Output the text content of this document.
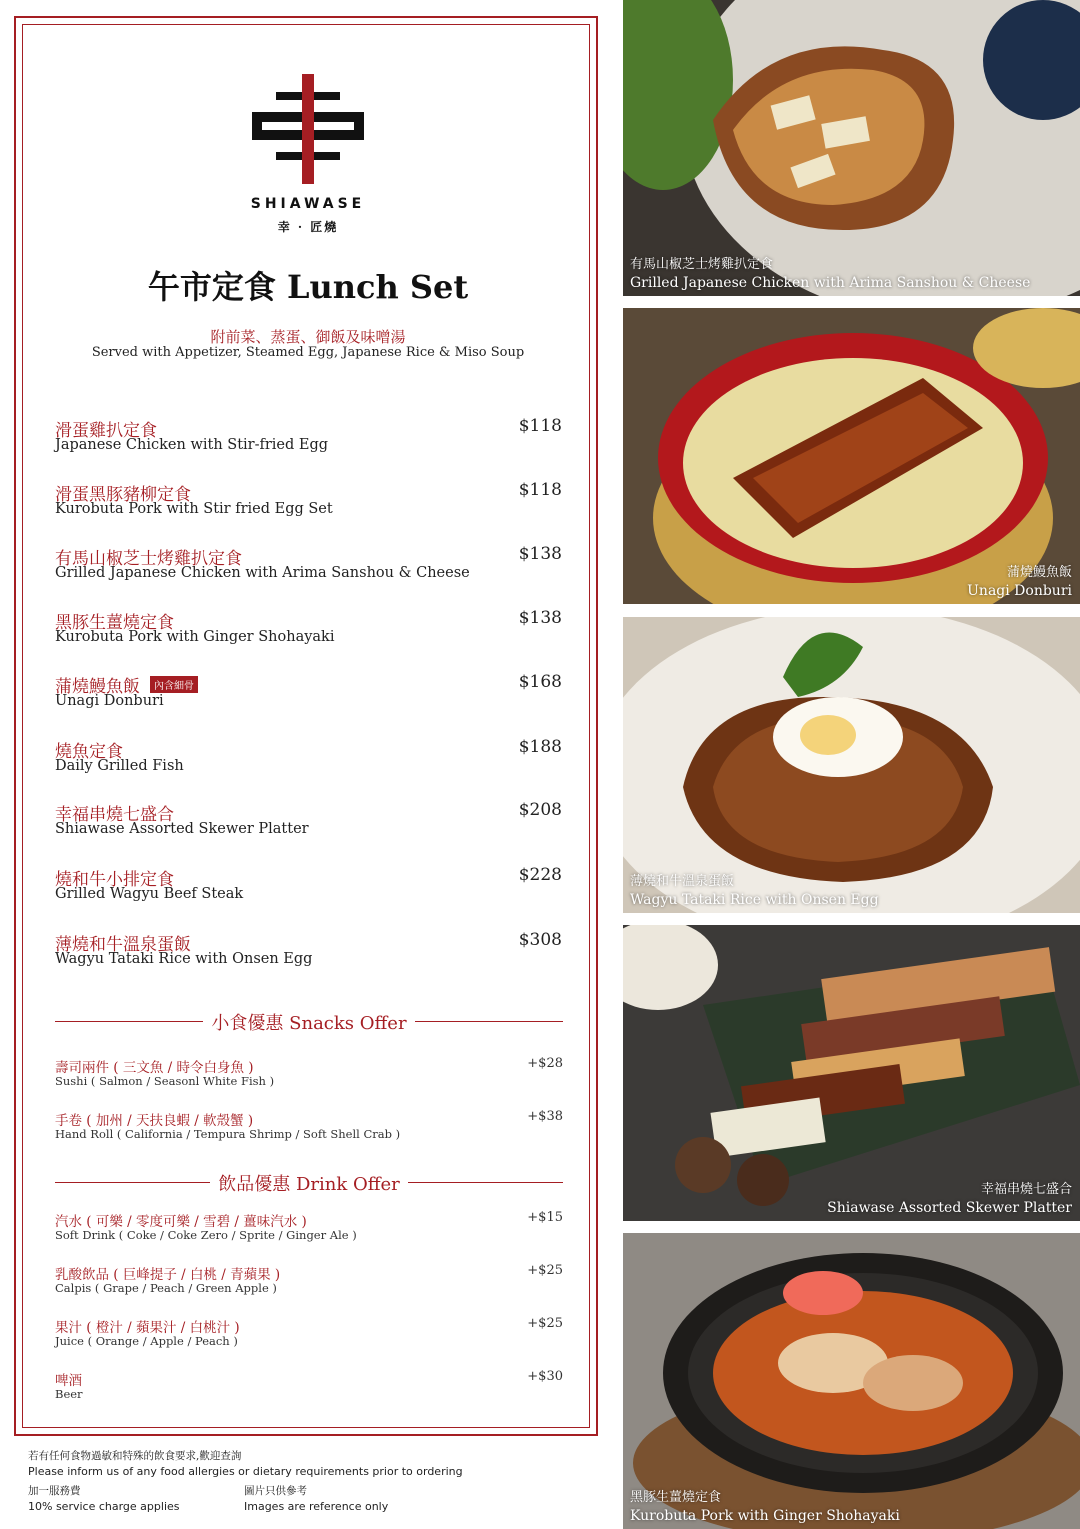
SHIAWASE
幸 · 匠燒
午市定食 Lunch Set
附前菜、蒸蛋、御飯及味噌湯
Served with Appetizer, Steamed Egg, Japanese Rice & Miso Soup
滑蛋雞扒定食
Japanese Chicken with Stir-fried Egg
$118
滑蛋黑豚豬柳定食
Kurobuta Pork with Stir fried Egg Set
$118
有馬山椒芝士烤雞扒定食
Grilled Japanese Chicken with Arima Sanshou & Cheese
$138
黑豚生薑燒定食
Kurobuta Pork with Ginger Shohayaki
$138
蒲燒鰻魚飯 內含細骨
Unagi Donburi
$168
燒魚定食
Daily Grilled Fish
$188
幸福串燒七盛合
Shiawase Assorted Skewer Platter
$208
燒和牛小排定食
Grilled Wagyu Beef Steak
$228
薄燒和牛溫泉蛋飯
Wagyu Tataki Rice with Onsen Egg
$308
小食優惠 Snacks Offer
壽司兩件 ( 三文魚 / 時令白身魚 )
Sushi ( Salmon / Seasonl White Fish )
+$28
手卷 ( 加州 / 天扶良蝦 / 軟殼蟹 )
Hand Roll ( California / Tempura Shrimp / Soft Shell Crab )
+$38
飲品優惠 Drink Offer
汽水 ( 可樂 / 零度可樂 / 雪碧 / 薑味汽水 )
Soft Drink ( Coke / Coke Zero / Sprite / Ginger Ale )
+$15
乳酸飲品 ( 巨峰提子 / 白桃 / 青蘋果 )
Calpis ( Grape / Peach / Green Apple )
+$25
果汁 ( 橙汁 / 蘋果汁 / 白桃汁 )
Juice ( Orange / Apple / Peach )
+$25
啤酒
Beer
+$30
若有任何食物過敏和特殊的飲食要求,歡迎查詢
Please inform us of any food allergies or dietary requirements prior to ordering
加一服務費
10% service charge applies
圖片只供參考
Images are reference only
有馬山椒芝士烤雞扒定食
Grilled Japanese Chicken with Arima Sanshou & Cheese
蒲燒鰻魚飯
Unagi Donburi
薄燒和牛溫泉蛋飯
Wagyu Tataki Rice with Onsen Egg
幸福串燒七盛合
Shiawase Assorted Skewer Platter
黑豚生薑燒定食
Kurobuta Pork with Ginger Shohayaki
